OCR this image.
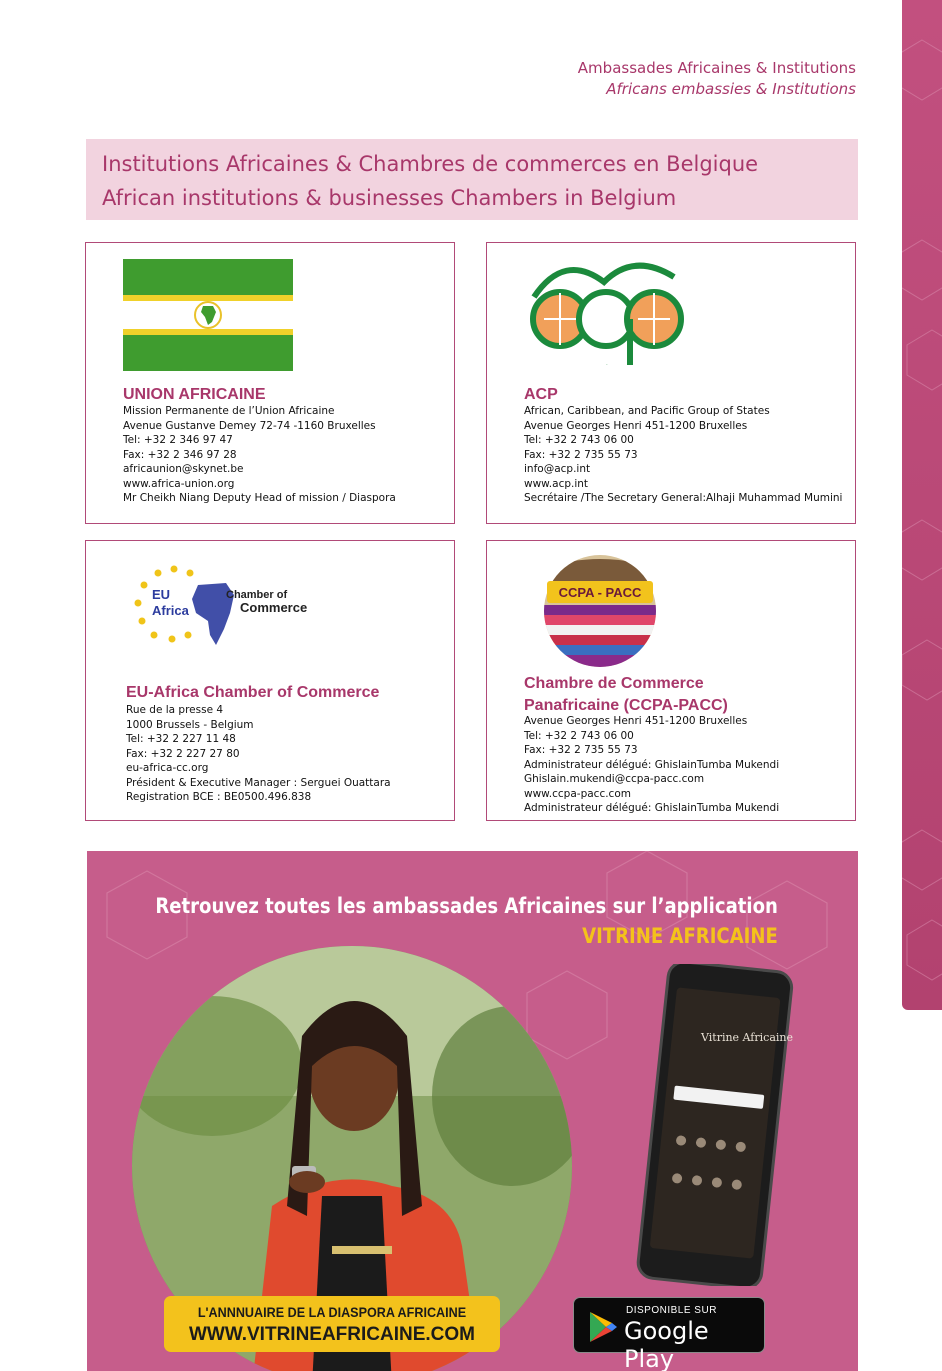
Ambassades Africaines & Institutions
Africans embassies & Institutions
Institutions Africaines & Chambres de commerces en Belgique
African institutions & businesses Chambers in Belgium
UNION AFRICAINE
Mission Permanente de l’Union Africaine
Avenue Gustanve Demey 72-74 -1160 Bruxelles
Tel: +32 2 346 97 47
Fax: +32 2 346 97 28
africaunion@skynet.be
www.africa-union.org
Mr Cheikh Niang Deputy Head of mission / Diaspora
acp
ACP
African, Caribbean, and Pacific Group of States
Avenue Georges Henri 451-1200 Bruxelles
Tel: +32 2 743 06 00
Fax: +32 2 735 55 73
info@acp.int
www.acp.int
Secrétaire /The Secretary General:Alhaji Muhammad Mumini
EU
Africa
Chamber of
Commerce
EU-Africa Chamber of Commerce
Rue de la presse 4
1000 Brussels - Belgium
Tel: +32 2 227 11 48
Fax: +32 2 227 27 80
eu-africa-cc.org
Président & Executive Manager : Serguei Ouattara
Registration BCE : BE0500.496.838
CCPA - PACC
Chambre de Commerce
Panafricaine (CCPA-PACC)
Avenue Georges Henri 451-1200 Bruxelles
Tel: +32 2 743 06 00
Fax: +32 2 735 55 73
Administrateur délégué: GhislainTumba Mukendi
Ghislain.mukendi@ccpa-pacc.com
www.ccpa-pacc.com
Administrateur délégué: GhislainTumba Mukendi
Retrouvez toutes les ambassades Africaines sur l’application
VITRINE AFRICAINE
Vitrine Africaine
L'ANNNUAIRE DE LA DIASPORA AFRICAINE
WWW.VITRINEAFRICAINE.COM
DISPONIBLE SUR
Google Play
